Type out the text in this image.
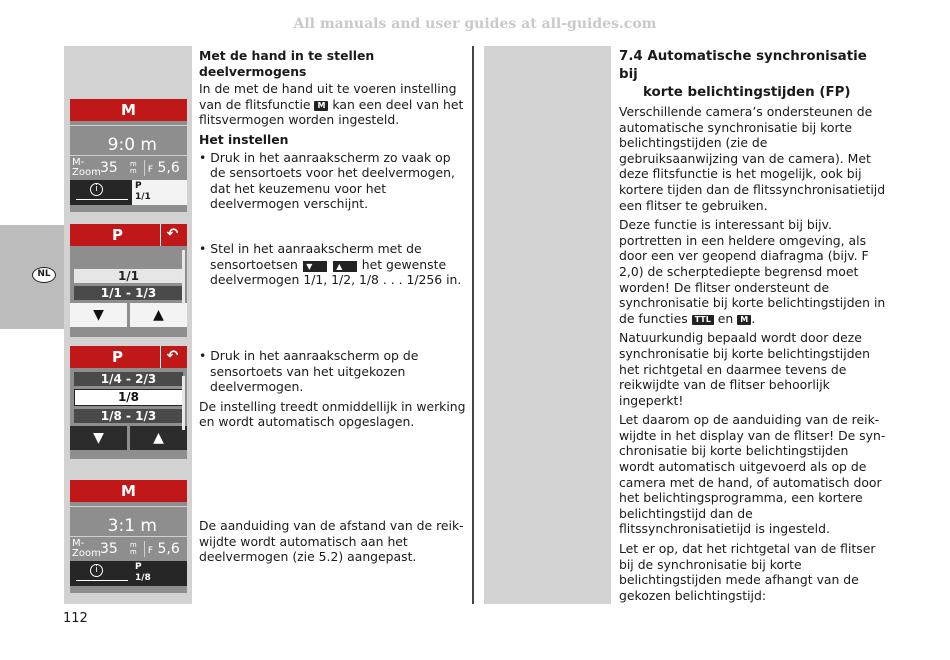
All manuals and user guides at all-guides.com
NL
M
9:0 m
M-
Zoom 35 m
m	F 5,6
i	P
1/1
P	↶
1/1
1/1 - 1/3
▼	▲
P	↶
1/4 - 2/3
1/8
1/8 - 1/3
▼	▲
M
3:1 m
M-
Zoom 35 m
m	F 5,6
i	P
1/8

Met de hand in te stellen deelvermogens

In de met de hand uit te voeren instelling van de flitsfunctie M kan een deel van het flitsvermogen worden ingesteld.

Het instellen

• Druk in het aanraakscherm zo vaak op de sensortoets voor het deelvermogen, dat het keuzemenu voor het deelvermogen verschijnt.

• Stel in het aanraakscherm met de sensortoetsen ▼	▲ het gewenste deelvermogen 1/1, 1/2, 1/8 . . . 1/256 in.

• Druk in het aanraakscherm op de sensortoets van het uitgekozen deelvermogen.

De instelling treedt onmiddellijk in werking en wordt automatisch opgeslagen.

De aanduiding van de afstand van de reikwijdte wordt automatisch aan het deelvermogen (zie 5.2) aangepast.

7.4 Automatische synchronisatie bij
korte belichtingstijden (FP)

Verschillende camera’s ondersteunen de automatische synchronisatie bij korte belichtingstijden (zie de gebruiksaanwijzing van de camera). Met deze flitsfunctie is het mogelijk, ook bij kortere tijden dan de flitssynchronisatietijd een flitser te gebruiken.

Deze functie is interessant bij bijv. portretten in een heldere omgeving, als door een ver geopend diafragma (bijv. F 2,0) de scherptediepte begrensd moet worden! De flitser ondersteunt de synchronisatie bij korte belichtingstijden in de functies TTL en M .

Natuurkundig bepaald wordt door deze synchronisatie bij korte belichtingstijden het richtgetal en daarmee tevens de reikwijdte van de flitser behoorlijk ingeperkt!

Let daarom op de aanduiding van de reikwijdte in het display van de flitser! De synchronisatie bij korte belichtingstijden wordt automatisch uitgevoerd als op de camera met de hand, of automatisch door het belichtingsprogramma, een kortere belichtingstijd dan de flitssynchronisatietijd is ingesteld.

Let er op, dat het richtgetal van de flitser bij de synchronisatie bij korte belichtingstijden mede afhangt van de gekozen belichtingstijd:

112
